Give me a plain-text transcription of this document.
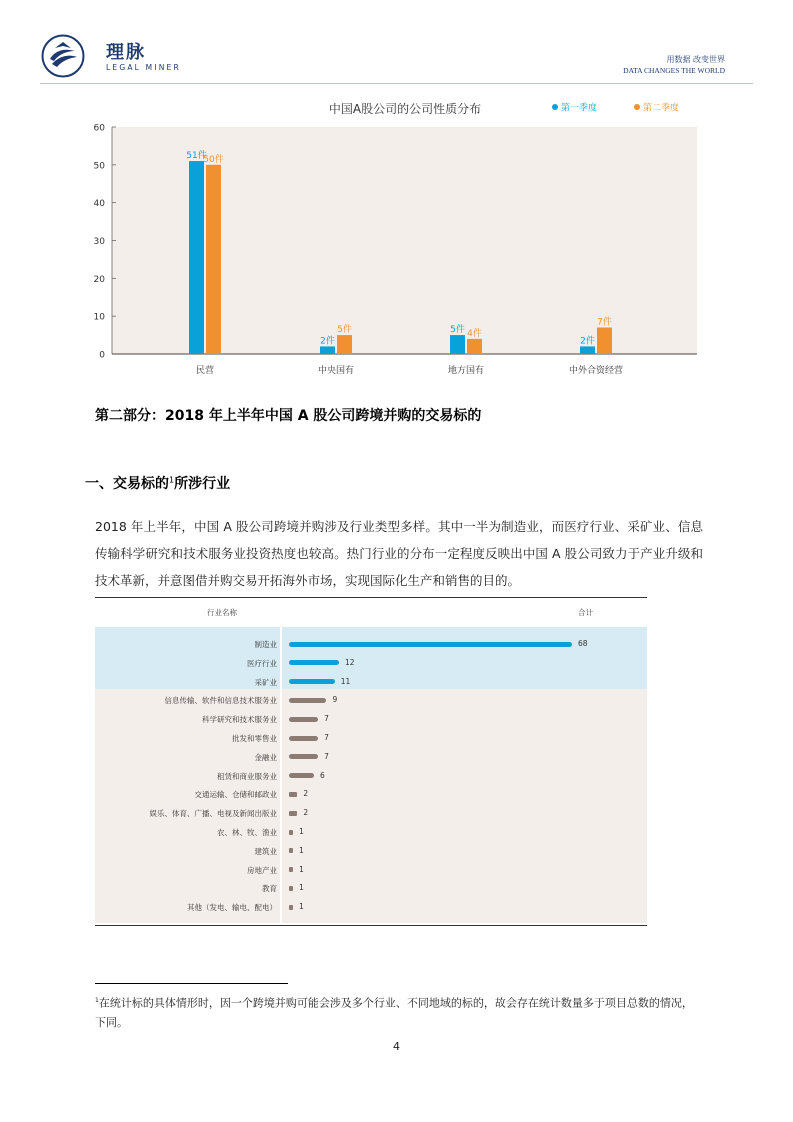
理脉
LEGAL MINER
用数据 改变世界
DATA CHANGES THE WORLD
中国A股公司的公司性质分布	第一季度	第二季度
0
10
20
30
40
50
60
51件
50件
民营
2件
5件
中央国有
5件 4件
地方国有
2件
7件
中外合资经营
第二部分：2018 年上半年中国 A 股公司跨境并购的交易标的
一、交易标的$^1$所涉行业
2018 年上半年，中国 A 股公司跨境并购涉及行业类型多样。其中一半为制造业，而医疗行业、采矿业、信息传输科学研究和技术服务业投资热度也较高。热门行业的分布一定程度反映出中国 A 股公司致力于产业升级和技术革新，并意图借并购交易开拓海外市场，实现国际化生产和销售的目的。
行业名称	合计
制造业	68
医疗行业	12
采矿业	11
信息传输、软件和信息技术服务业	9
科学研究和技术服务业	7
批发和零售业	7
金融业	7
租赁和商业服务业	6
交通运输、仓储和邮政业	2
娱乐、体育、广播、电视及新闻出版业	2
农、林、牧、渔业	1
建筑业	1
房地产业	1
教育	1
其他（发电、输电、配电）	1
$^1$在统计标的具体情形时，因一个跨境并购可能会涉及多个行业、不同地域的标的，故会存在统计数量多于项目总数的情况，下同。
4
